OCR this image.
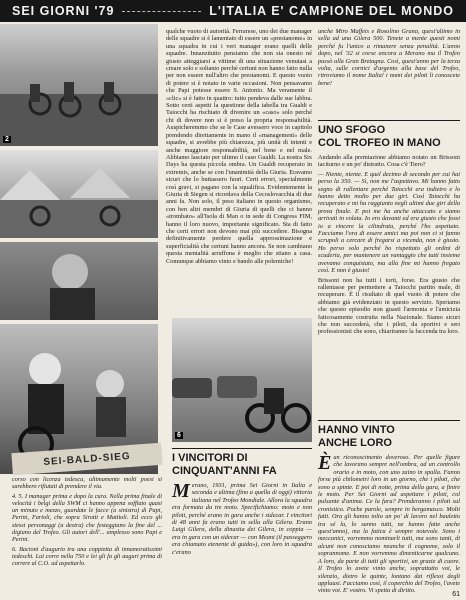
SEI GIORNI '79	L'ITALIA E' CAMPIONE DEL MONDO
2
SEI-BALD-SIEG
6

qualche vuoto di autorità. Ferrarese, uno dei due manager delle squadre si è lamentato di essere un «prestanome» in una squadra in cui i veri manager erano quelli delle squadre. Innanzitutto pensiamo che non sia onesto né giusto atteggiarsi a vittime di una situazione venutasi a creare solo e soltanto perché certuni non hanno fatto nulla per non essere null'altro che prestanomi. E questo vuoto di potere si è notato in varie occasioni. Non pensavamo che Papi potesse essere S. Antonio. Ma veramente il «clic» si è fatto in quattro: tutto pendeva dalle sue labbra. Sotto certi aspetti la questione della tabella tra Gualdi e Taiocchi ha rischiato di divenire un «caso» solo perché chi di dovere non si è preso la propria responsabilità. Auspicheremmo che se le Case avessero voce in capitolo prendendo direttamente in mano il «management» delle squadre, si avrebbe più chiarezza, più unità di intenti e anche maggiore responsabilità, nel bene e nel male. Abbiamo lasciato per ultimo il caso Gualdi. La nostra Six Days ha questa piccola ombra. Un Gualdi recuperato in extremis, anche se con l'unanimità della Giuria. Eravamo sicuri che lo buttassero fuori. Certi errori, specialmente così gravi, si pagano con la squalifica. Evidentemente la Giuria di Siegen si ricordava della Cecoslovacchia di due anni fa. Non solo, il peso italiano in questo organismo, con ben altri membri di Giuria di quelli che ci hanno «trombato» all'Isola di Man o in sede di Congress FIM, hanno il loro nuovo, importante significato. Sta di fatto che certi errori non devono mai più succedere. Bisogna definitivamente perdere quella approssimazione e superficialità che certuni hanno ancora. Se non cambiano questa mentalità arruffona è meglio che stiano a casa. Comunque abbiamo vinto e bando alle polemiche!

corso con licenza tedesca, ultimamente molti poesi si sarebbero rifiutati di prendere il via.

4. 5. I manager prima e dopo la cura. Nella prima finale di velocità i belgi della SWM ci hanno appena soffiato quasi un minuto e mezzo, guardate le facce (a sinistra) di Papi, Perini, Farioli, che sopra Sirotti e Mattioli. Ed ecco gli stessi personaggi (a destra) che festeggiano la fine del ... digiuno del Trofeo. Gli autori dell'... amplesso sono Papi e Perini.

6. Bacioni d'augurio tra una coppietta di innamoratissimi tedeschi. Lui corre nella 750 e lei gli fa gli auguri prima di correre al C.O. ad aspettarlo.

I VINCITORI DI
CINQUANT'ANNI FA

Merano, 1931, prima Sei Giorni in Italia e seconda e ultima (fino a quella di oggi) vittoria italiana nel Trofeo Mondiale. Allora la squadra era formata da tre moto. Specifichiamo: moto e non piloti, perché erano in gara anche i sidecar. I vincitori di 48 anni fa erano tutti in sella alla Gilera. Erano Luigi Gilera, della dinastia dei Gilera, in coppia — era in gara con un sidecar — con Meani (il passeggero era chiamato etenente di guida»), con loro in squadra c'erano

anche Miro Maffeis e Rosolino Grana, quest'ultimo in sella ad una Gilera 500. Tenete a mente questi nomi perché fu l'unico a rimanere senza penalità. L'anno dopo, nel '32 si corse ancora a Merano ma il Trofeo passò alla Gran Bretagna. Così, quest'anno per la terza volta, sulle cornici d'argento alla base del Trofeo, ritroviamo il nome Italia! i nomi dei piloti li conoscete bene!

UNO SFOGO
COL TROFEO IN MANO

Andando alla premiazione abbiamo notato un Brissoni taciturno e un po' distratto. Cosa c'è Tiero?

— Niente, niente. E quel decimo di secondo per cui hai perso la 350. — Sì, non me l'aspettavo. Mi hanno fatto segno di rallentare perché Taiocchi era indietro e lo hanno detto molto per due giri. Così Taiocchi ha recuperato e mi ha raggiunto negli ultimi due giri della prova finale. E poi me ha anche attaccato e siamo arrivati in volata. Io ero davanti ed era giusto che fossi io a vincere la cilindrata, perché l'ho aspettato. Facciamo l'ora di essere amici ma poi non ci si fanno scrupoli a cercare di fregarsi a vicenda, non è giusto. Ho perso solo perché ho rispettato gli ordini di scuderia, per mantenere un vantaggio che tutti insieme avevamo conquistato, ma alla fine mi hanno fregato così. E non è giusto!

Brissoni non ha tutti i torti, forse. Era giusto che rallentasse per permettere a Taiocchi partito male, di recuperare. È il risultato di quel vuoto di potere che abbiamo già evidenziato in questo servizio. Speriamo che questo episodio non guasti l'armonia e l'amicizia faticosamente costruita nella Nazionale. Siamo sicuri che non succederà, che i piloti, da sportivi e seri professionisti che sono, chiariranno la faccenda tra loro.

HANNO VINTO
ANCHE LORO

È un riconoscimento doveroso. Per quelle figure che lavorano sempre nell'ombra, ad un controllo orario e in moto, con uno zaino in spalla. Fanno forse più chilometri loro in un giorno, che i piloti, che sono a spinte. E poi di notte, prima della gara, a finire le moto. Per Sei Giorni ad aspettare i piloti, col pulsante d'anima. Ce la fara? Prenderanno i piloti sul cronistico. Poche parole, sempre in bergamasco. Molti fatti. Ora gli hanno tolto un po' di lavoro nel bauletto tra sé la, lo sanno tutti, ne hanno fatte anche quest'anno), ma la fatica è sempre notevole. Sono i meccanici, vorremmo nominarli tutti, ma sono tanti, di alcuni non conosciamo neanche il cognome, solo il soprannome. E non vorremmo dimenticarne qualcuno. A loro, da parte di tutti gli sportivi, un grazie di cuore. Il Trofeo lo avete vinto anche, soprattutto voi, le silenzio, dietro le quinte, lontano dai riflessi degli applausi. Facciamo così, il coperchio del Trofeo, l'avete vinto voi. E' vostro. Vi spetta di diritto.

61
